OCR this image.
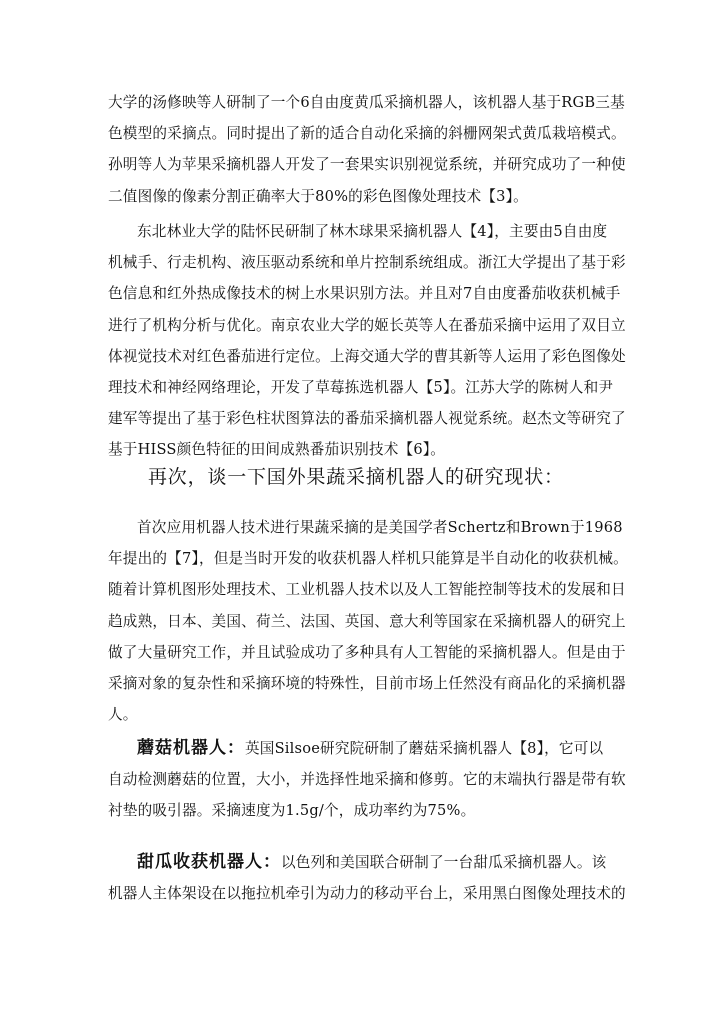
大学的汤修映等人研制了一个6自由度黄瓜采摘机器人，该机器人基于RGB三基
色模型的采摘点。同时提出了新的适合自动化采摘的斜栅网架式黄瓜栽培模式。
孙明等人为苹果采摘机器人开发了一套果实识别视觉系统，并研究成功了一种使
二值图像的像素分割正确率大于80%的彩色图像处理技术【3】。

东北林业大学的陆怀民研制了林木球果采摘机器人【4】，主要由5自由度
机械手、行走机构、液压驱动系统和单片控制系统组成。浙江大学提出了基于彩
色信息和红外热成像技术的树上水果识别方法。并且对7自由度番茄收获机械手
进行了机构分析与优化。南京农业大学的姬长英等人在番茄采摘中运用了双目立
体视觉技术对红色番茄进行定位。上海交通大学的曹其新等人运用了彩色图像处
理技术和神经网络理论，开发了草莓拣选机器人【5】。江苏大学的陈树人和尹
建军等提出了基于彩色柱状图算法的番茄采摘机器人视觉系统。赵杰文等研究了
基于HISS颜色特征的田间成熟番茄识别技术【6】。

再次，谈一下国外果蔬采摘机器人的研究现状：

首次应用机器人技术进行果蔬采摘的是美国学者Schertz和Brown于1968
年提出的【7】，但是当时开发的收获机器人样机只能算是半自动化的收获机械。
随着计算机图形处理技术、工业机器人技术以及人工智能控制等技术的发展和日
趋成熟，日本、美国、荷兰、法国、英国、意大利等国家在采摘机器人的研究上
做了大量研究工作，并且试验成功了多种具有人工智能的采摘机器人。但是由于
采摘对象的复杂性和采摘环境的特殊性，目前市场上任然没有商品化的采摘机器
人。

蘑菇机器人：英国Silsoe研究院研制了蘑菇采摘机器人【8】，它可以
自动检测蘑菇的位置，大小，并选择性地采摘和修剪。它的末端执行器是带有软
衬垫的吸引器。采摘速度为1.5g/个，成功率约为75%。

甜瓜收获机器人：以色列和美国联合研制了一台甜瓜采摘机器人。该
机器人主体架设在以拖拉机牵引为动力的移动平台上，采用黑白图像处理技术的
